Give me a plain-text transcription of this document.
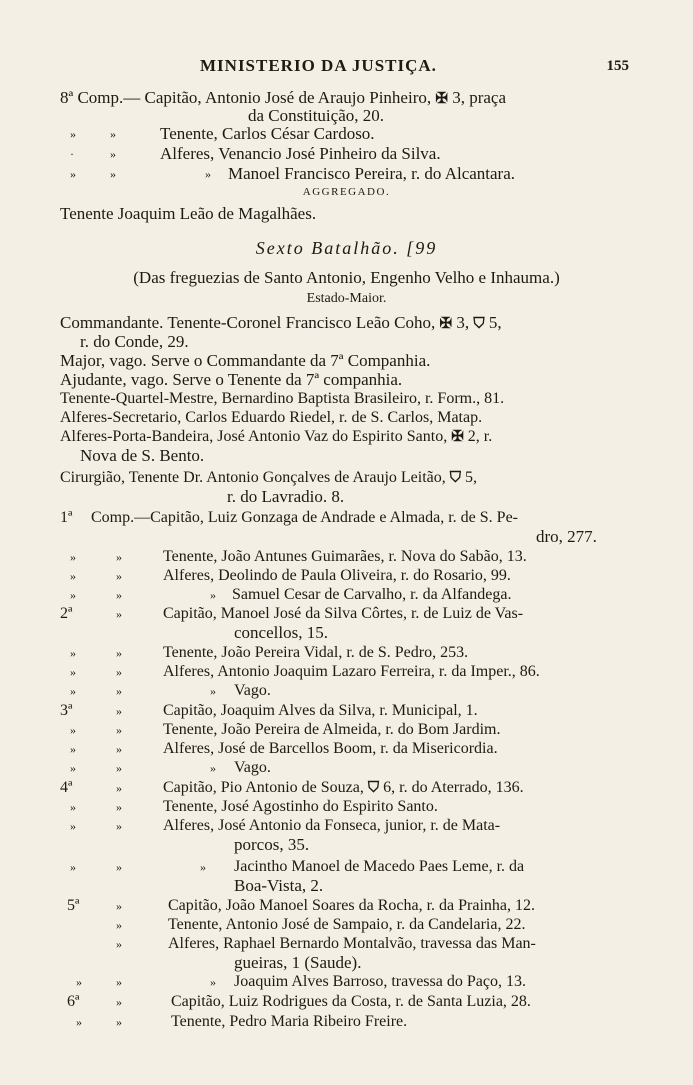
MINISTERIO DA JUSTIÇA.	155
8ª Comp.— Capitão, Antonio José de Araujo Pinheiro, ✠ 3, praça
da Constituição, 20.
»	»	Tenente, Carlos César Cardoso.
·	»	Alferes, Venancio José Pinheiro da Silva.
»	»	» Manoel Francisco Pereira, r. do Alcantara.
AGGREGADO.
Tenente Joaquim Leão de Magalhães.
Sexto Batalhão. [99
(Das freguezias de Santo Antonio, Engenho Velho e Inhauma.)
Estado-Maior.
Commandante. Tenente-Coronel Francisco Leão Coho, ✠ 3, ⛉ 5,
r. do Conde, 29.
Major, vago. Serve o Commandante da 7ª Companhia.
Ajudante, vago. Serve o Tenente da 7ª companhia.
Tenente-Quartel-Mestre, Bernardino Baptista Brasileiro, r. Form., 81.
Alferes-Secretario, Carlos Eduardo Riedel, r. de S. Carlos, Matap.
Alferes-Porta-Bandeira, José Antonio Vaz do Espirito Santo, ✠ 2, r.
Nova de S. Bento.
Cirurgião, Tenente Dr. Antonio Gonçalves de Araujo Leitão, ⛉ 5,
r. do Lavradio. 8.
1ª Comp.—Capitão, Luiz Gonzaga de Andrade e Almada, r. de S. Pe-
dro, 277.
»	»	Tenente, João Antunes Guimarães, r. Nova do Sabão, 13.
»	»	Alferes, Deolindo de Paula Oliveira, r. do Rosario, 99.
»	»	» Samuel Cesar de Carvalho, r. da Alfandega.
2ª	»	Capitão, Manoel José da Silva Côrtes, r. de Luiz de Vas-
concellos, 15.
»	»	Tenente, João Pereira Vidal, r. de S. Pedro, 253.
»	»	Alferes, Antonio Joaquim Lazaro Ferreira, r. da Imper., 86.
»	»	» Vago.
3ª	»	Capitão, Joaquim Alves da Silva, r. Municipal, 1.
»	»	Tenente, João Pereira de Almeida, r. do Bom Jardim.
»	»	Alferes, José de Barcellos Boom, r. da Misericordia.
»	»	» Vago.
4ª	»	Capitão, Pio Antonio de Souza, ⛉ 6, r. do Aterrado, 136.
»	»	Tenente, José Agostinho do Espirito Santo.
»	»	Alferes, José Antonio da Fonseca, junior, r. de Mata-
porcos, 35.
»	»	» Jacintho Manoel de Macedo Paes Leme, r. da
Boa-Vista, 2.
5ª	»	Capitão, João Manoel Soares da Rocha, r. da Prainha, 12.
»	Tenente, Antonio José de Sampaio, r. da Candelaria, 22.
»	Alferes, Raphael Bernardo Montalvão, travessa das Man-
gueiras, 1 (Saude).
»	»	» Joaquim Alves Barroso, travessa do Paço, 13.
6ª	»	Capitão, Luiz Rodrigues da Costa, r. de Santa Luzia, 28.
»	»	Tenente, Pedro Maria Ribeiro Freire.
